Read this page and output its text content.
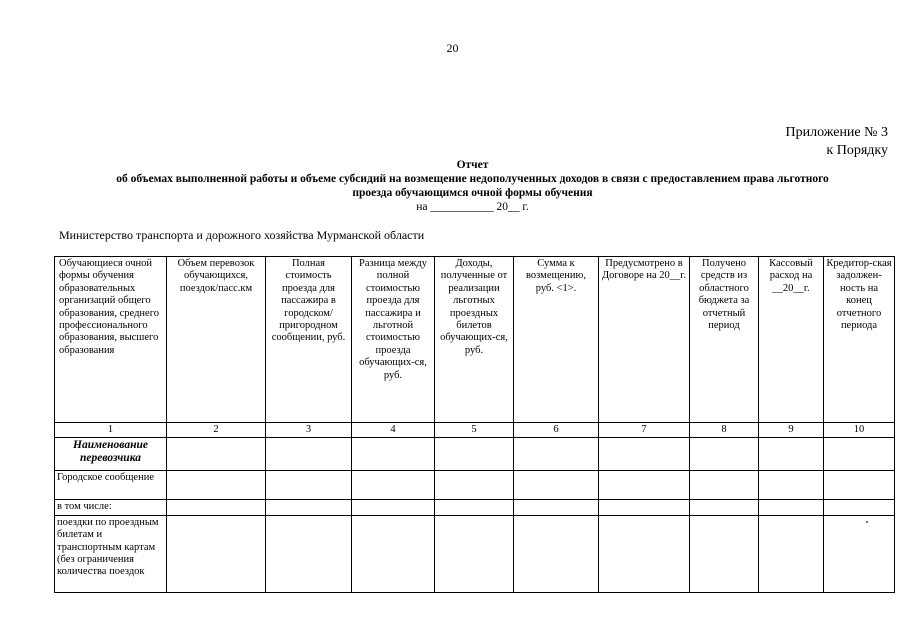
20
Приложение № 3
к Порядку
Отчет
об объемах выполненной работы и объеме субсидий на возмещение недополученных доходов в связи с предоставлением права льготного
проезда обучающимся очной формы обучения
на ___________ 20__ г.
Министерство транспорта и дорожного хозяйства Мурманской области
Обучающиеся очной формы обучения образовательных организаций общего образования, среднего профессионального образования, высшего образования	Объем перевозок обучающихся, поездок/пасс.км	Полная стоимость проезда для пассажира в городском/ пригородном сообщении, руб.	Разница между полной стоимостью проезда для пассажира и льготной стоимостью проезда обучающих-ся, руб.	Доходы, полученные от реализации льготных проездных билетов обучающих-ся, руб.	Сумма к возмещению, руб. <1>.	Предусмотрено в Договоре на 20__г.	Получено средств из областного бюджета за отчетный период	Кассовый расход на __20__г.	Кредитор-ская задолжен-ность на конец отчетного периода
1	2	3	4	5	6	7	8	9	10
Наименование перевозчика									
Городское сообщение									
в том числе:									
поездки по проездным билетам и транспортным картам (без ограничения количества поездок									
